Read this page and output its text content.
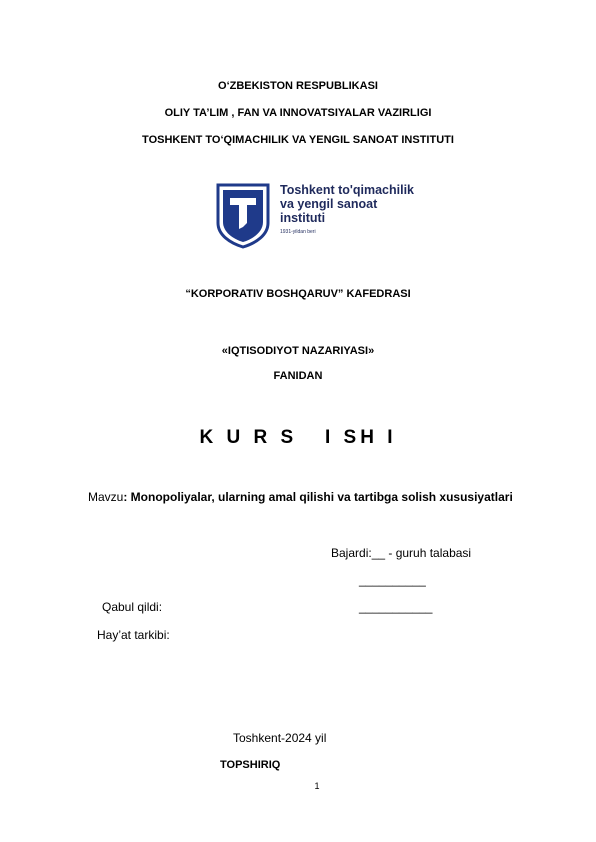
O‘ZBEKISTON RESPUBLIKASI
OLIY TA’LIM , FAN VA INNOVATSIYALAR VAZIRLIGI
TOSHKENT TO‘QIMACHILIK VA YENGIL SANOAT INSTITUTI
Toshkent to'qimachilik
va yengil sanoat
instituti
1931-yildan beri
“KORPORATIV BOSHQARUV” KAFEDRASI
«IQTISODIYOT NAZARIYASI»
FANIDAN
K U R S   I SH I
Mavzu: Monopoliyalar, ularning amal qilishi va tartibga solish xususiyatlari
Bajardi:__ - guruh talabasi
__________
Qabul qildi:	___________
Hay’at tarkibi:
Toshkent-2024 yil
TOPSHIRIQ
1
